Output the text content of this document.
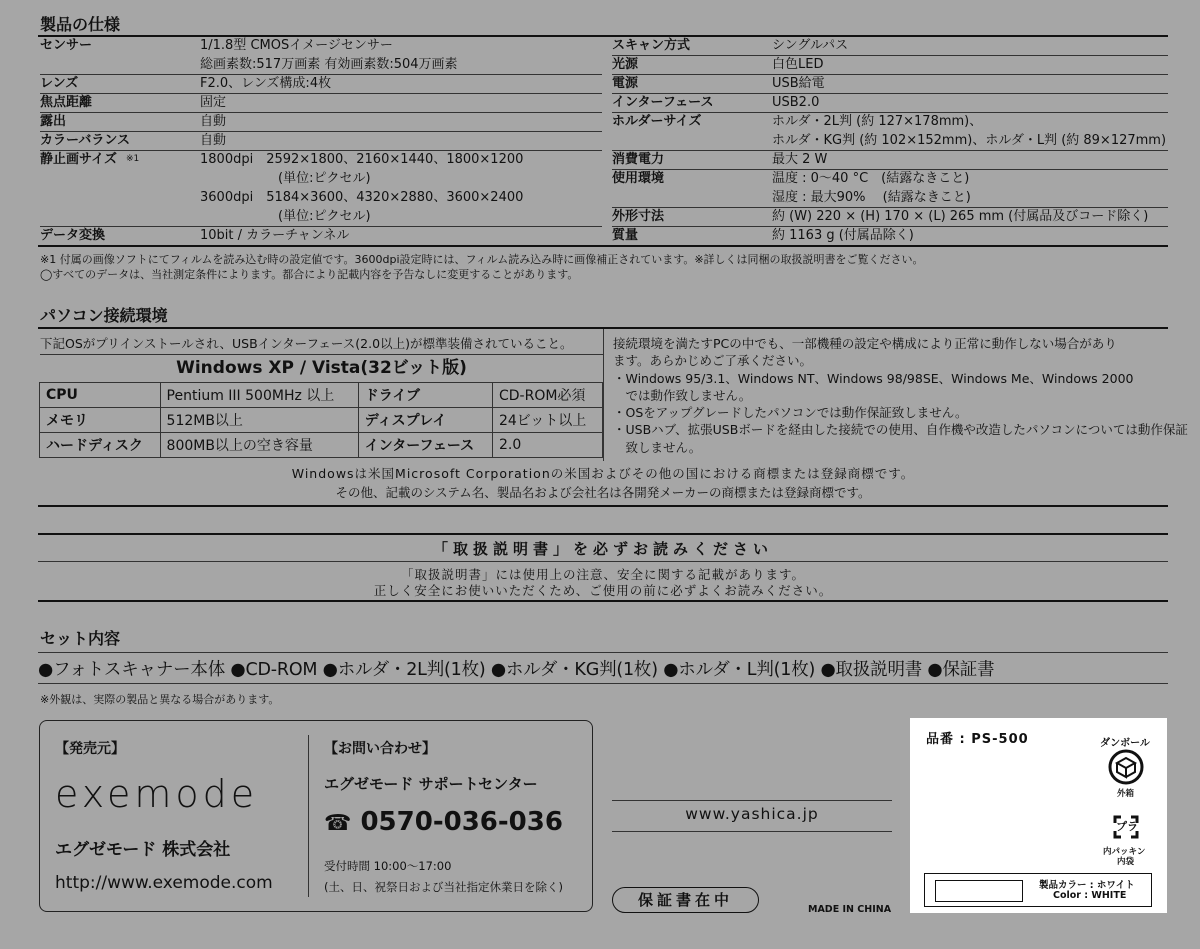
製品の仕様
センサー	1/1.8型 CMOSイメージセンサー
総画素数:517万画素 有効画素数:504万画素
レンズ	F2.0、レンズ構成:4枚
焦点距離	固定
露出	自動
カラーバランス	自動
静止画サイズ ※1	1800dpi　2592×1800、2160×1440、1800×1200
　　　　　　(単位:ピクセル)
3600dpi　5184×3600、4320×2880、3600×2400
　　　　　　(単位:ピクセル)
データ変換	10bit / カラーチャンネル
スキャン方式	シングルパス
光源	白色LED
電源	USB給電
インターフェース	USB2.0
ホルダーサイズ	ホルダ・2L判 (約 127×178mm)、
ホルダ・KG判 (約 102×152mm)、ホルダ・L判 (約 89×127mm)
消費電力	最大 2 W
使用環境	温度 : 0～40 °C　(結露なきこと)
湿度 : 最大90%　 (結露なきこと)
外形寸法	約 (W) 220 × (H) 170 × (L) 265 mm (付属品及びコード除く)
質量	約 1163 g (付属品除く)
※1 付属の画像ソフトにてフィルムを読み込む時の設定値です。3600dpi設定時には、フィルム読み込み時に画像補正されています。※詳しくは同梱の取扱説明書をご覧ください。
◯すべてのデータは、当社測定条件によります。都合により記載内容を予告なしに変更することがあります。
パソコン接続環境
下記OSがプリインストールされ、USBインターフェース(2.0以上)が標準装備されていること。
Windows XP / Vista(32ビット版)
CPU	Pentium III 500MHz 以上	ドライブ	CD-ROM必須
メモリ	512MB以上	ディスプレイ	24ビット以上
ハードディスク	800MB以上の空き容量	インターフェース	2.0
接続環境を満たすPCの中でも、一部機種の設定や構成により正常に動作しない場合があり
ます。あらかじめご了承ください。
・Windows 95/3.1、Windows NT、Windows 98/98SE、Windows Me、Windows 2000
　では動作致しません。
・OSをアップグレードしたパソコンでは動作保証致しません。
・USBハブ、拡張USBボードを経由した接続での使用、自作機や改造したパソコンについては動作保証
　致しません。
Windowsは米国Microsoft Corporationの米国およびその他の国における商標または登録商標です。
その他、記載のシステム名、製品名および会社名は各開発メーカーの商標または登録商標です。
「取扱説明書」を必ずお読みください
「取扱説明書」には使用上の注意、安全に関する記載があります。
正しく安全にお使いいただくため、ご使用の前に必ずよくお読みください。
セット内容
●フォトスキャナー本体 ●CD-ROM ●ホルダ・2L判(1枚) ●ホルダ・KG判(1枚) ●ホルダ・L判(1枚) ●取扱説明書 ●保証書
※外観は、実際の製品と異なる場合があります。
【発売元】
exemode
エグゼモード 株式会社
http://www.exemode.com
【お問い合わせ】
エグゼモード サポートセンター
☎ 0570-036-036
受付時間 10:00～17:00
(土、日、祝祭日および当社指定休業日を除く)
www.yashica.jp
保証書在中
MADE IN CHINA
品番 : PS-500	ダンボール
外箱
プラ
内パッキン
内袋
製品カラー : ホワイト
Color : WHITE
